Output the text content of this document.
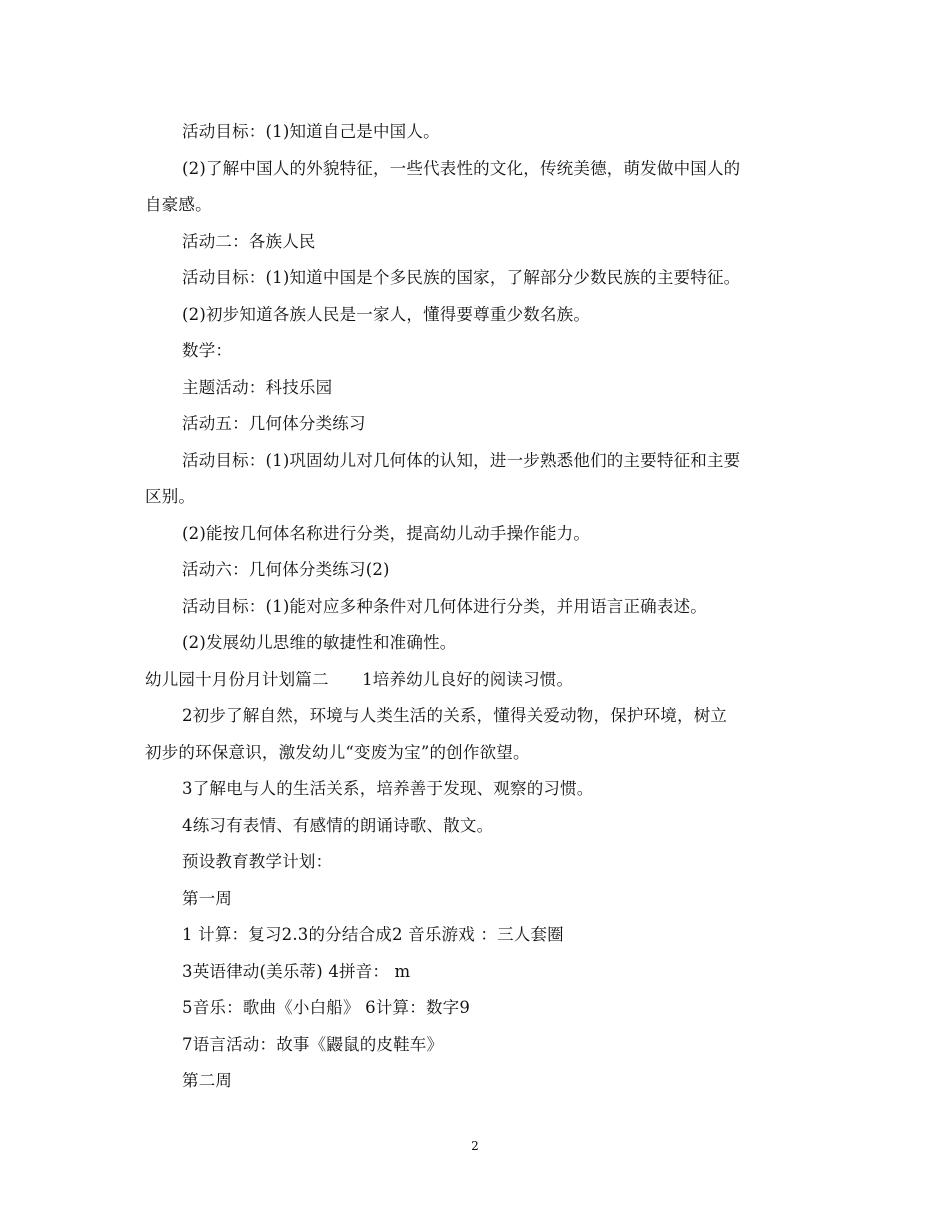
活动目标：(1)知道自己是中国人。
(2)了解中国人的外貌特征，一些代表性的文化，传统美德，萌发做中国人的
自豪感。
活动二：各族人民
活动目标：(1)知道中国是个多民族的国家，了解部分少数民族的主要特征。
(2)初步知道各族人民是一家人，懂得要尊重少数名族。
数学：
主题活动：科技乐园
活动五：几何体分类练习
活动目标：(1)巩固幼儿对几何体的认知，进一步熟悉他们的主要特征和主要
区别。
(2)能按几何体名称进行分类，提高幼儿动手操作能力。
活动六：几何体分类练习(2)
活动目标：(1)能对应多种条件对几何体进行分类，并用语言正确表述。
(2)发展幼儿思维的敏捷性和准确性。
幼儿园十月份月计划篇二　　1培养幼儿良好的阅读习惯。
2初步了解自然，环境与人类生活的关系，懂得关爱动物，保护环境，树立
初步的环保意识，激发幼儿“变废为宝”的创作欲望。
3了解电与人的生活关系，培养善于发现、观察的习惯。
4练习有表情、有感情的朗诵诗歌、散文。
预设教育教学计划：
第一周
1 计算：复习2.3的分结合成2 音乐游戏 ：三人套圈
3英语律动(美乐蒂) 4拼音： m
5音乐：歌曲《小白船》 6计算：数字9
7语言活动：故事《鼹鼠的皮鞋车》
第二周
2
